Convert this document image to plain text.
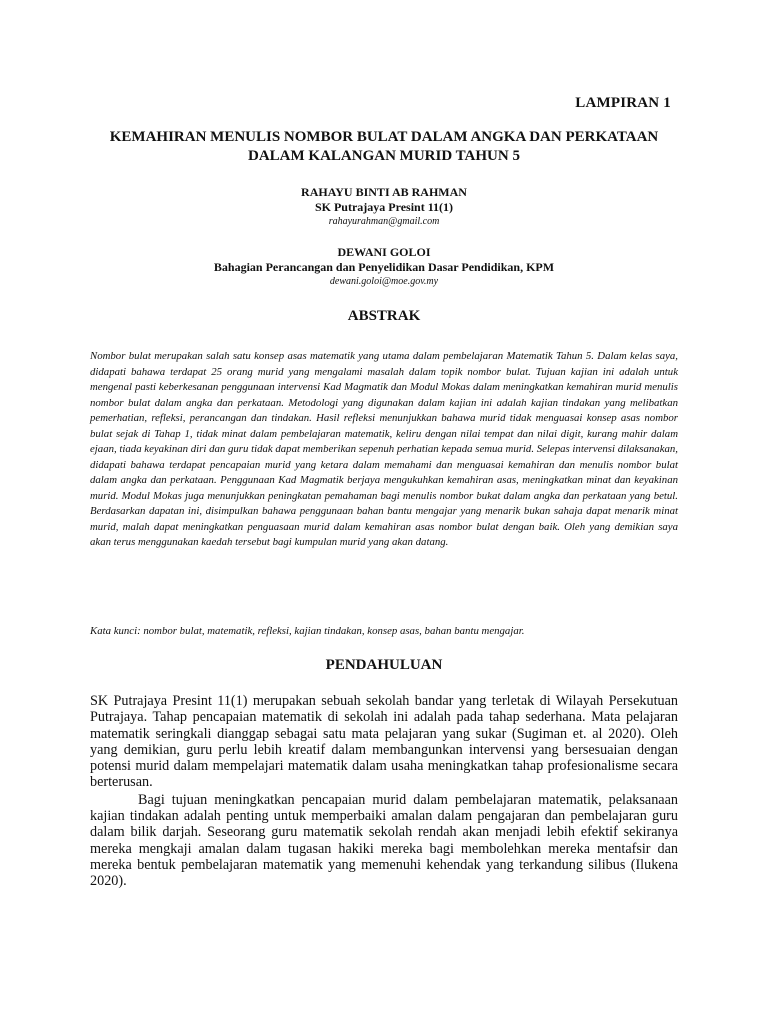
LAMPIRAN 1
KEMAHIRAN MENULIS NOMBOR BULAT DALAM ANGKA DAN PERKATAAN
DALAM KALANGAN MURID TAHUN 5
RAHAYU BINTI AB RAHMAN
SK Putrajaya Presint 11(1)
rahayurahman@gmail.com
DEWANI GOLOI
Bahagian Perancangan dan Penyelidikan Dasar Pendidikan, KPM
dewani.goloi@moe.gov.my
ABSTRAK
Nombor bulat merupakan salah satu konsep asas matematik yang utama dalam pembelajaran Matematik Tahun 5. Dalam kelas saya, didapati bahawa terdapat 25 orang murid yang mengalami masalah dalam topik nombor bulat. Tujuan kajian ini adalah untuk mengenal pasti keberkesanan penggunaan intervensi Kad Magmatik dan Modul Mokas dalam meningkatkan kemahiran murid menulis nombor bulat dalam angka dan perkataan. Metodologi yang digunakan dalam kajian ini adalah kajian tindakan yang melibatkan pemerhatian, refleksi, perancangan dan tindakan. Hasil refleksi menunjukkan bahawa murid tidak menguasai konsep asas nombor bulat sejak di Tahap 1, tidak minat dalam pembelajaran matematik, keliru dengan nilai tempat dan nilai digit, kurang mahir dalam ejaan, tiada keyakinan diri dan guru tidak dapat memberikan sepenuh perhatian kepada semua murid. Selepas intervensi dilaksanakan, didapati bahawa terdapat pencapaian murid yang ketara dalam memahami dan menguasai kemahiran dan menulis nombor bulat dalam angka dan perkataan. Penggunaan Kad Magmatik berjaya mengukuhkan kemahiran asas, meningkatkan minat dan keyakinan murid. Modul Mokas juga menunjukkan peningkatan pemahaman bagi menulis nombor bukat dalam angka dan perkataan yang betul. Berdasarkan dapatan ini, disimpulkan bahawa penggunaan bahan bantu mengajar yang menarik bukan sahaja dapat menarik minat murid, malah dapat meningkatkan penguasaan murid dalam kemahiran asas nombor bulat dengan baik. Oleh yang demikian saya akan terus menggunakan kaedah tersebut bagi kumpulan murid yang akan datang.
Kata kunci: nombor bulat, matematik, refleksi, kajian tindakan, konsep asas, bahan bantu mengajar.
PENDAHULUAN

SK Putrajaya Presint 11(1) merupakan sebuah sekolah bandar yang terletak di Wilayah Persekutuan Putrajaya. Tahap pencapaian matematik di sekolah ini adalah pada tahap sederhana. Mata pelajaran matematik seringkali dianggap sebagai satu mata pelajaran yang sukar (Sugiman et. al 2020). Oleh yang demikian, guru perlu lebih kreatif dalam membangunkan intervensi yang bersesuaian dengan potensi murid dalam mempelajari matematik dalam usaha meningkatkan tahap profesionalisme secara berterusan.

Bagi tujuan meningkatkan pencapaian murid dalam pembelajaran matematik, pelaksanaan kajian tindakan adalah penting untuk memperbaiki amalan dalam pengajaran dan pembelajaran guru dalam bilik darjah. Seseorang guru matematik sekolah rendah akan menjadi lebih efektif sekiranya mereka mengkaji amalan dalam tugasan hakiki mereka bagi membolehkan mereka mentafsir dan mereka bentuk pembelajaran matematik yang memenuhi kehendak yang terkandung silibus (Ilukena 2020).
